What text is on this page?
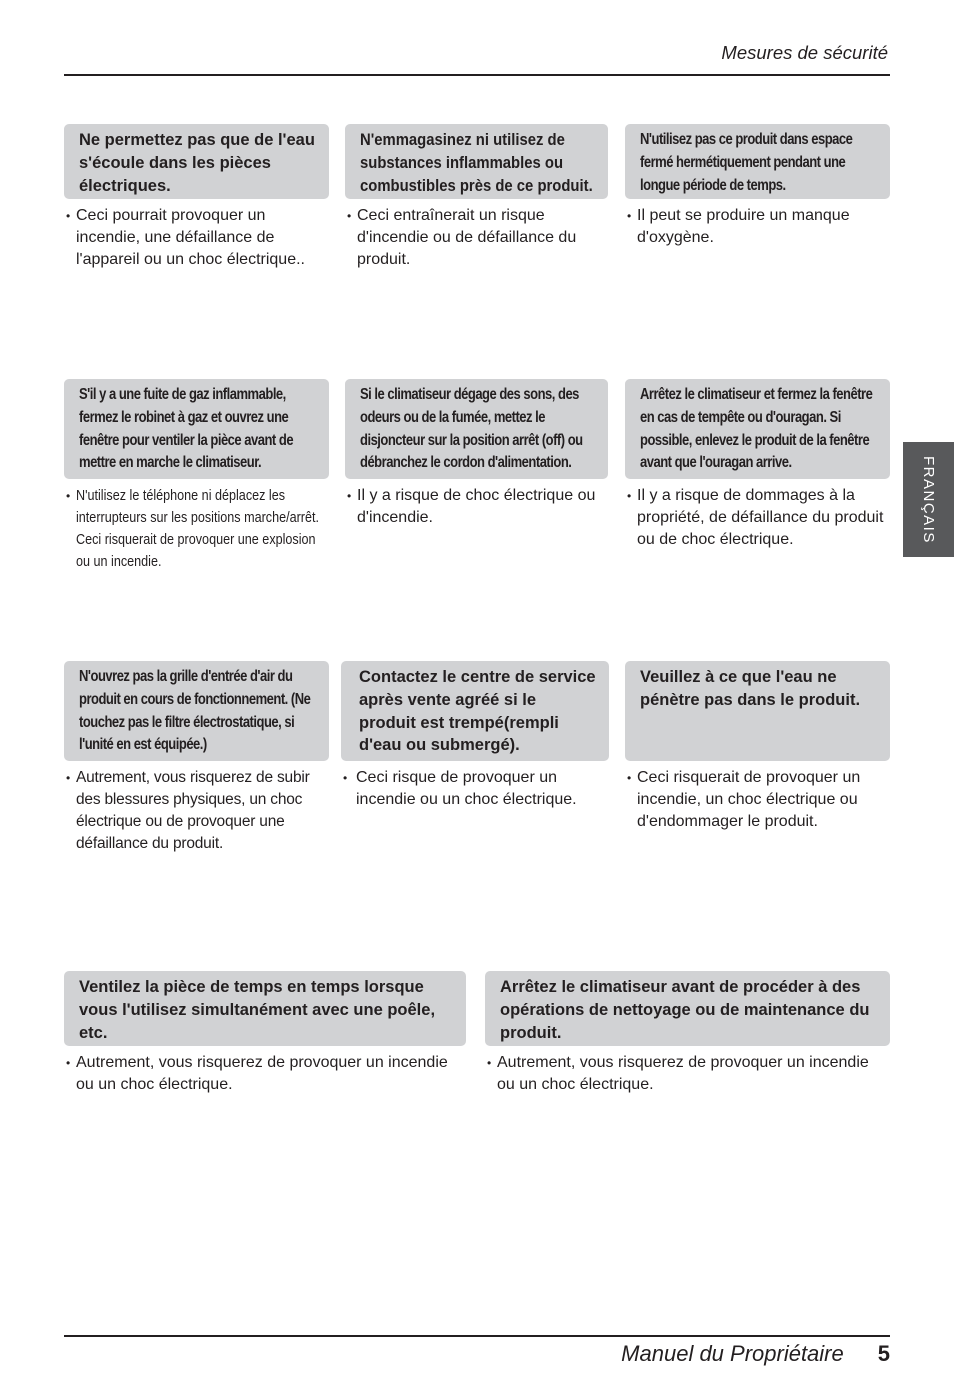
Mesures de sécurité
Ne permettez pas que de l'eau s'écoule dans les pièces électriques.
• Ceci pourrait provoquer un incendie, une défaillance de l'appareil ou un choc électrique..
N'emmagasinez ni utilisez de substances inflammables ou combustibles près de ce produit.
• Ceci entraînerait un risque d'incendie ou de défaillance du produit.
N'utilisez pas ce produit dans espace fermé hermétiquement pendant une longue période de temps.
• Il peut se produire un manque d'oxygène.
S'il y a une fuite de gaz inflammable, fermez le robinet à gaz et ouvrez une fenêtre pour ventiler la pièce avant de mettre en marche le climatiseur.
• N'utilisez le téléphone ni déplacez les interrupteurs sur les positions marche/arrêt. Ceci risquerait de provoquer une explosion ou un incendie.
Si le climatiseur dégage des sons, des odeurs ou de la fumée, mettez le disjoncteur sur la position arrêt (off) ou débranchez le cordon d'alimentation.
• Il y a risque de choc électrique ou d'incendie.
Arrêtez le climatiseur et fermez la fenêtre en cas de tempête ou d'ouragan. Si possible, enlevez le produit de la fenêtre avant que l'ouragan arrive.
• Il y a risque de dommages à la propriété, de défaillance du produit ou de choc électrique.
N'ouvrez pas la grille d'entrée d'air du produit en cours de fonctionnement. (Ne touchez pas le filtre électrostatique, si l'unité en est équipée.)
• Autrement, vous risquerez de subir des blessures physiques, un choc électrique ou de provoquer une défaillance du produit.
Contactez le centre de service après vente agréé si le produit est trempé(rempli d'eau ou submergé).
• Ceci risque de provoquer un incendie ou un choc électrique.
Veuillez à ce que l'eau ne pénètre pas dans le produit.
• Ceci risquerait de provoquer un incendie, un choc électrique ou d'endommager le produit.
Ventilez la pièce de temps en temps lorsque vous l'utilisez simultanément avec une poêle, etc.
• Autrement, vous risquerez de provoquer un incendie ou un choc électrique.
Arrêtez le climatiseur avant de procéder à des opérations de nettoyage ou de maintenance du produit.
• Autrement, vous risquerez de provoquer un incendie ou un choc électrique.
FRANÇAIS
Manuel du Propriétaire 5
